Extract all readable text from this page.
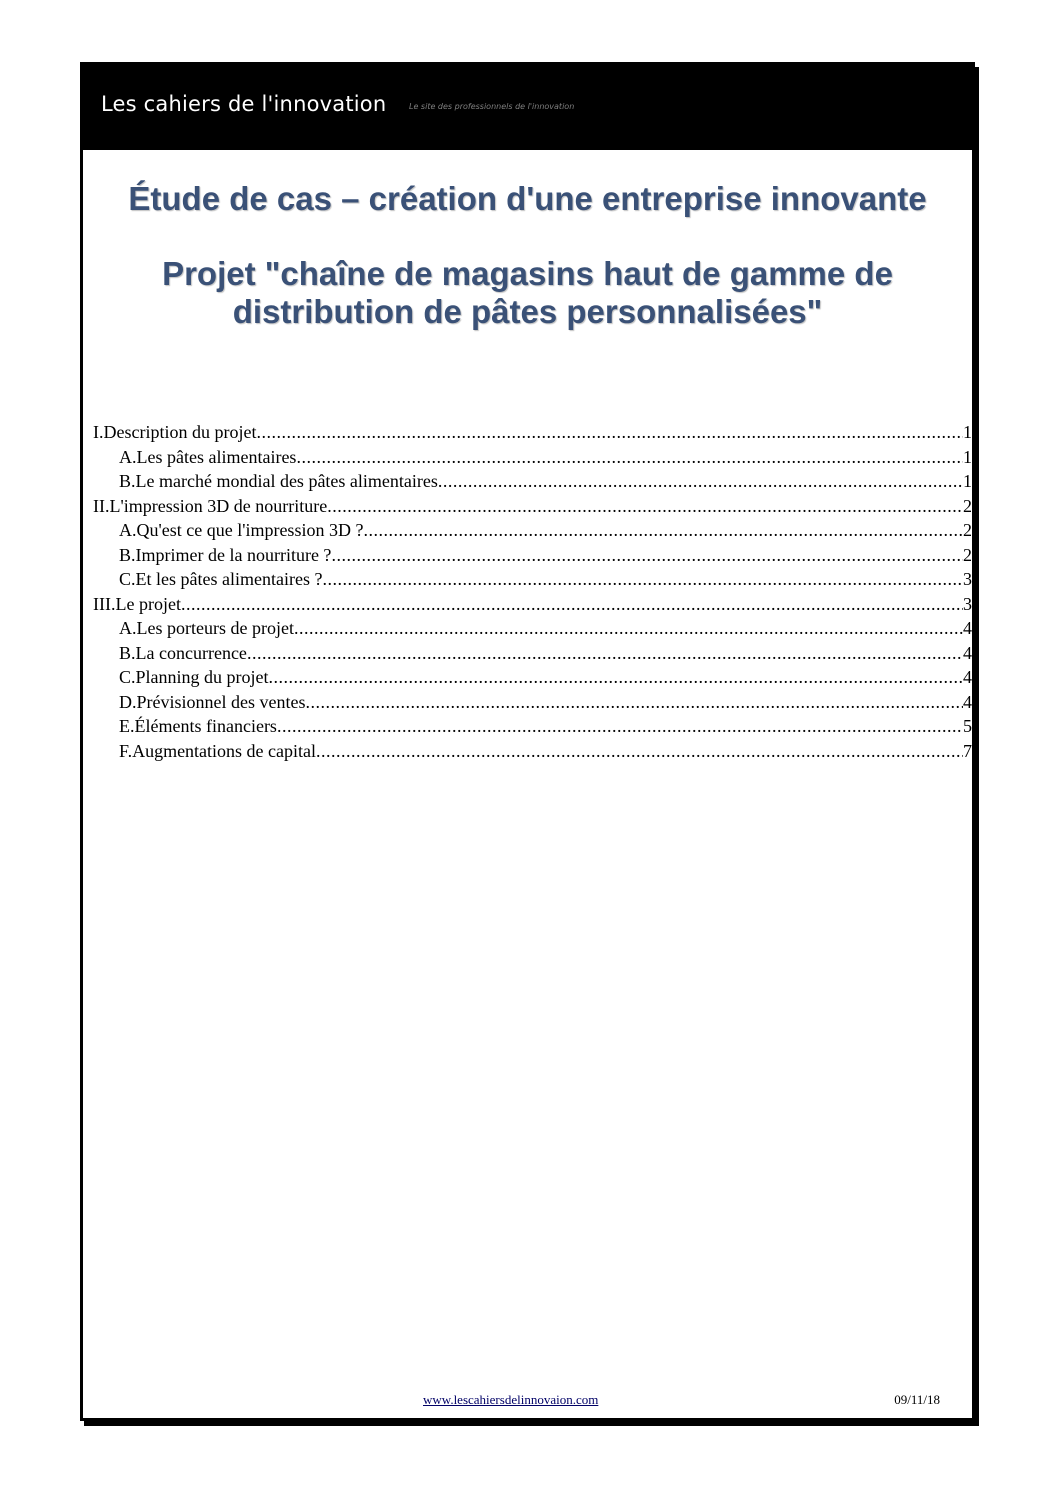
Les cahiers de l'innovation	Le site des professionnels de l'innovation
Étude de cas – création d'une entreprise innovante
Projet "chaîne de magasins haut de gamme de distribution de pâtes personnalisées"
I.Description du projet .....	1
A.Les pâtes alimentaires .....	1
B.Le marché mondial des pâtes alimentaires .....	1
II.L'impression 3D de nourriture .....	2
A.Qu'est ce que l'impression 3D ? .....	2
B.Imprimer de la nourriture ? .....	2
C.Et les pâtes alimentaires ? .....	3
III.Le projet .....	3
A.Les porteurs de projet .....	4
B.La concurrence .....	4
C.Planning du projet .....	4
D.Prévisionnel des ventes .....	4
E.Éléments financiers .....	5
F.Augmentations de capital .....	7
www.lescahiersdelinnovaion.com	09/11/18
